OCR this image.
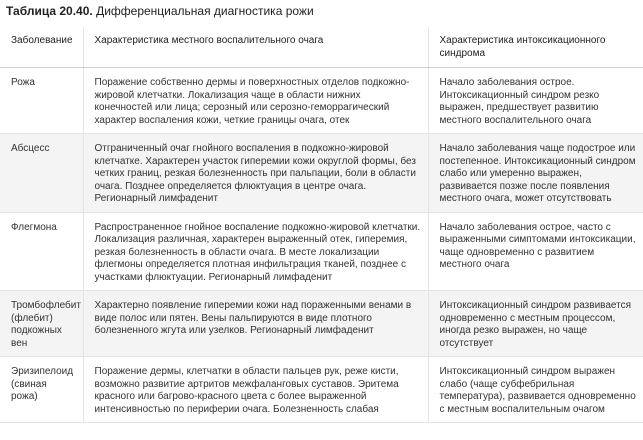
Таблица 20.40. Дифференциальная диагностика рожи
Заболевание	Характеристика местного воспалительного очага	Характеристика интоксикационного синдрома
Рожа	Поражение собственно дермы и поверхностных отделов подкожно-жировой клетчатки. Локализация чаще в области нижних конечностей или лица; серозный или серозно-геморрагический характер воспаления кожи, четкие границы очага, отек	Начало заболевания острое. Интоксикационный синдром резко выражен, предшествует развитию местного воспалительного очага
Абсцесс	Отграниченный очаг гнойного воспаления в подкожно-жировой клетчатке. Характерен участок гиперемии кожи округлой формы, без четких границ, резкая болезненность при пальпации, боли в области очага. Позднее определяется флюктуация в центре очага. Регионарный лимфаденит	Начало заболевания чаще подострое или постепенное. Интоксикационный синдром слабо или умеренно выражен, развивается позже после появления местного очага, может отсутствовать
Флегмона	Распространенное гнойное воспаление подкожно-жировой клетчатки. Локализация различная, характерен выраженный отек, гиперемия, резкая болезненность в области очага. В месте локализации флегмоны определяется плотная инфильтрация тканей, позднее с участками флюктуации. Регионарный лимфаденит	Начало заболевания острое, часто с выраженными симптомами интоксикации, чаще одновременно с развитием местного очага
Тромбофлебит (флебит) подкожных вен	Характерно появление гиперемии кожи над пораженными венами в виде полос или пятен. Вены пальпируются в виде плотного болезненного жгута или узелков. Регионарный лимфаденит	Интоксикационный синдром развивается одновременно с местным процессом, иногда резко выражен, но чаще отсутствует
Эризипелоид (свиная рожа)	Поражение дермы, клетчатки в области пальцев рук, реже кисти, возможно развитие артритов межфаланговых суставов. Эритема красного или багрово-красного цвета с более выраженной интенсивностью по периферии очага. Болезненность слабая	Интоксикационный синдром выражен слабо (чаще субфебрильная температура), развивается одновременно с местным воспалительным очагом
